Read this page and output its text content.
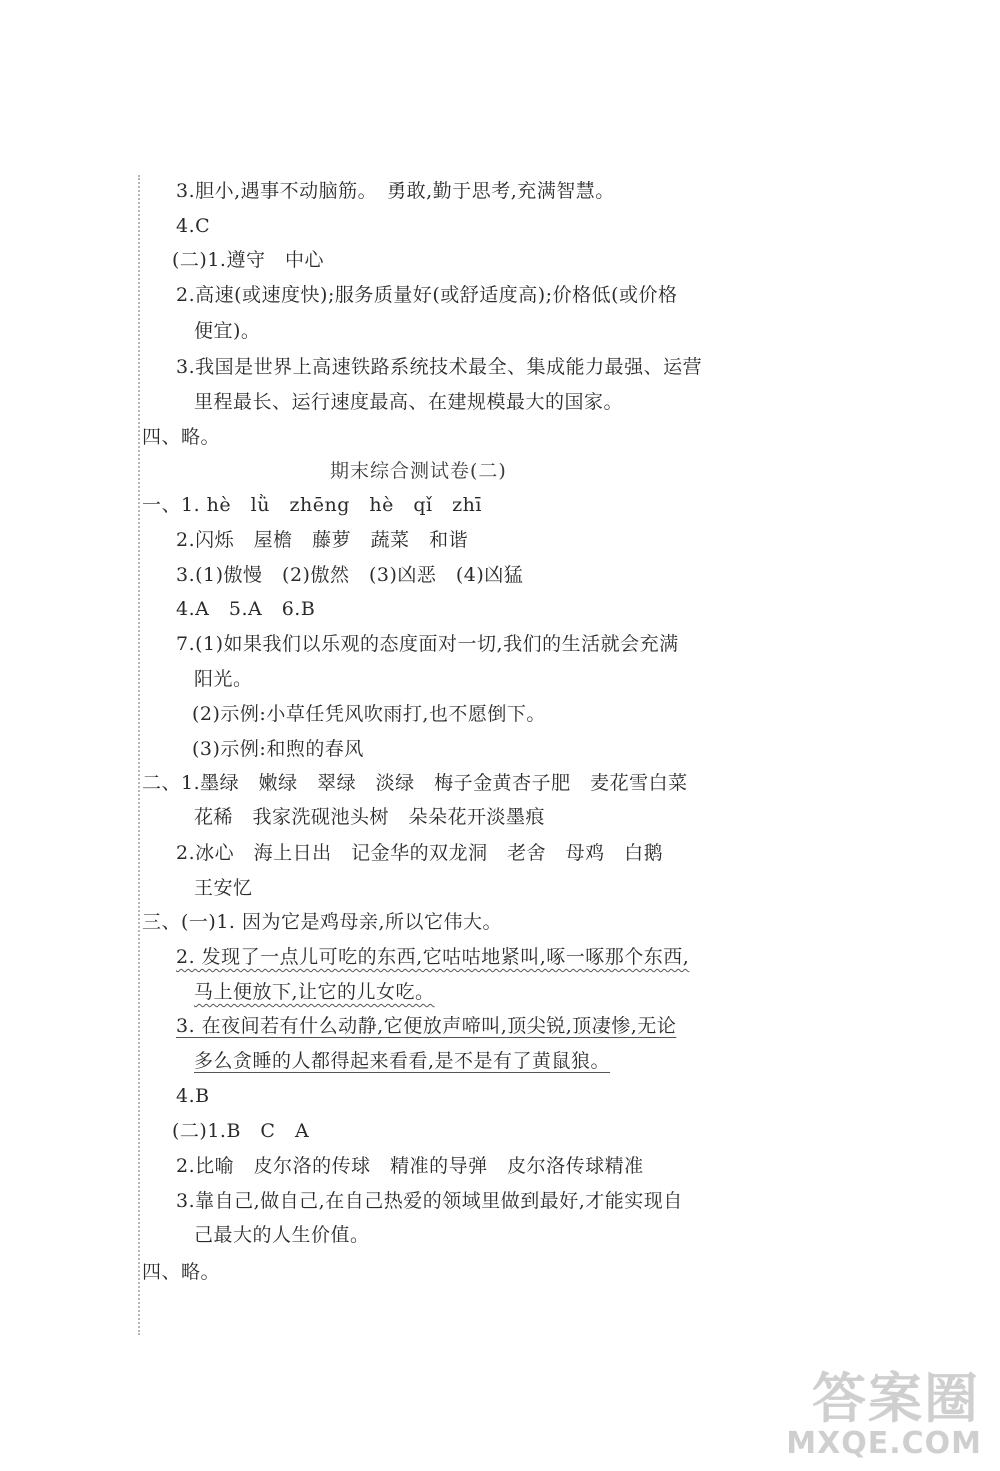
3.胆小,遇事不动脑筋。　勇敢,勤于思考,充满智慧。
4.C
(二)1.遵守　中心
2.高速(或速度快);服务质量好(或舒适度高);价格低(或价格
便宜)。
3.我国是世界上高速铁路系统技术最全、集成能力最强、运营
里程最长、运行速度最高、在建规模最大的国家。
四、略。
期末综合测试卷(二)
一、1. hè　lǜ　zhēng　hè　qǐ　zhī
2.闪烁　屋檐　藤萝　蔬菜　和谐
3.(1)傲慢　(2)傲然　(3)凶恶　(4)凶猛
4.A　5.A　6.B
7.(1)如果我们以乐观的态度面对一切,我们的生活就会充满
阳光。
(2)示例:小草任凭风吹雨打,也不愿倒下。
(3)示例:和煦的春风
二、1.墨绿　嫩绿　翠绿　淡绿　梅子金黄杏子肥　麦花雪白菜
花稀　我家洗砚池头树　朵朵花开淡墨痕
2.冰心　海上日出　记金华的双龙洞　老舍　母鸡　白鹅
王安忆
三、(一)1. 因为它是鸡母亲,所以它伟大。
2. 发现了一点儿可吃的东西,它咕咕地紧叫,啄一啄那个东西,
马上便放下,让它的儿女吃。
3. 在夜间若有什么动静,它便放声啼叫,顶尖锐,顶凄惨,无论
多么贪睡的人都得起来看看,是不是有了黄鼠狼。
4.B
(二)1.B　C　A
2.比喻　皮尔洛的传球　精准的导弹　皮尔洛传球精准
3.靠自己,做自己,在自己热爱的领域里做到最好,才能实现自
己最大的人生价值。
四、略。
答案圈
MXQE.COM
